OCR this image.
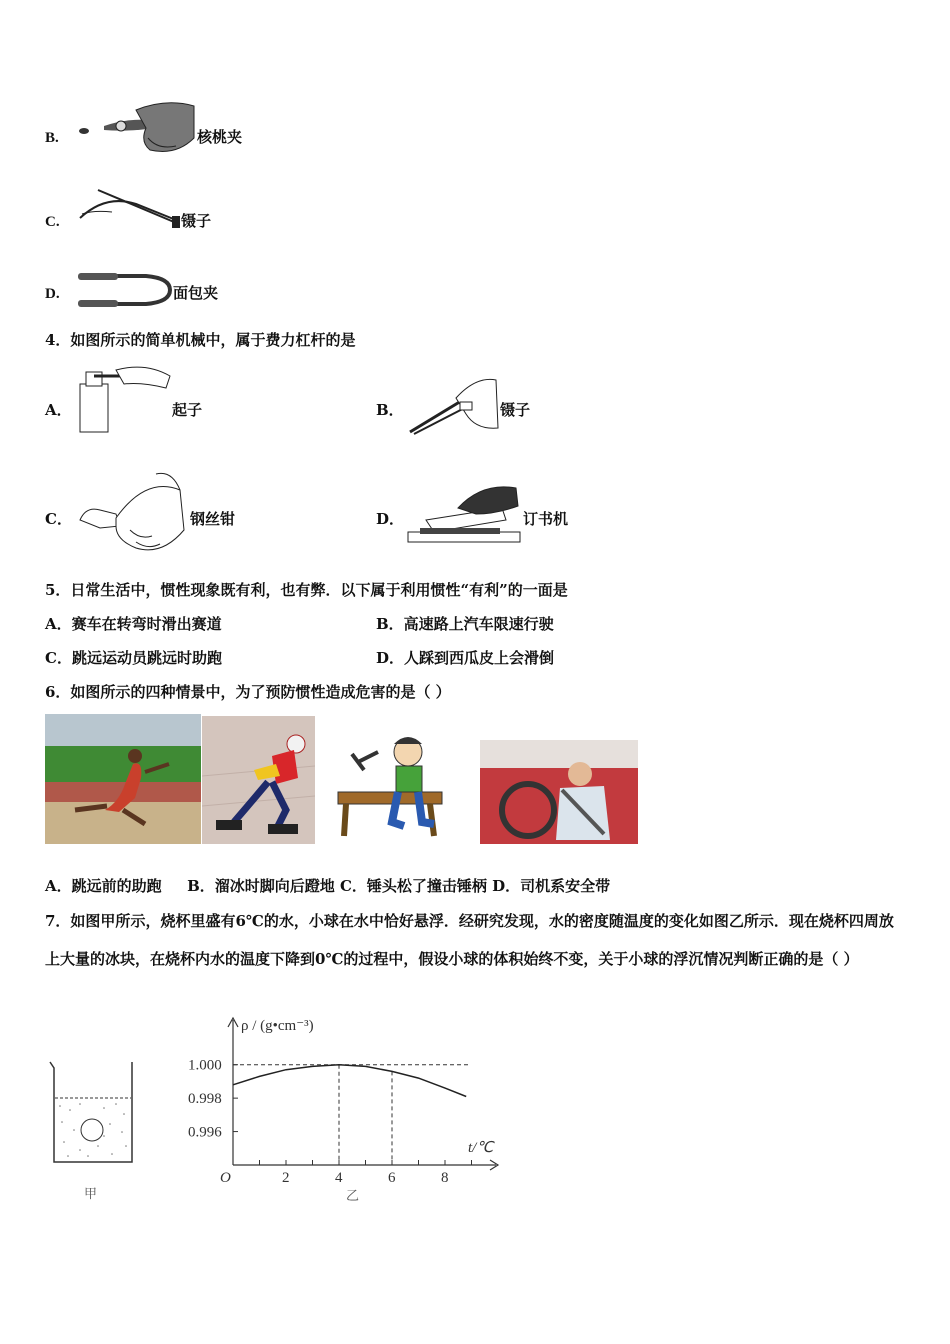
B.	核桃夹
C.	镊子
D.	面包夹
4．如图所示的简单机械中，属于费力杠杆的是
A．	起子	B．	镊子
C．	钢丝钳	D．	订书机
5．日常生活中，惯性现象既有利，也有弊．以下属于利用惯性“有利”的一面是
A．赛车在转弯时滑出赛道	B．高速路上汽车限速行驶
C．跳远运动员跳远时助跑	D．人踩到西瓜皮上会滑倒
6．如图所示的四种情景中，为了预防惯性造成危害的是（ ）
A．跳远前的助跑 　 B．溜冰时脚向后蹬地 C．锤头松了撞击锤柄 D．司机系安全带
7．如图甲所示，烧杯里盛有6℃的水，小球在水中恰好悬浮．经研究发现，水的密度随温度的变化如图乙所示．现在烧杯四周放上大量的冰块，在烧杯内水的温度下降到0℃的过程中，假设小球的体积始终不变，关于小球的浮沉情况判断正确的是（ ）
甲
2	4	6	8
1.000
0.998
0.996
O
ρ / (g•cm⁻³)
t/℃
乙
